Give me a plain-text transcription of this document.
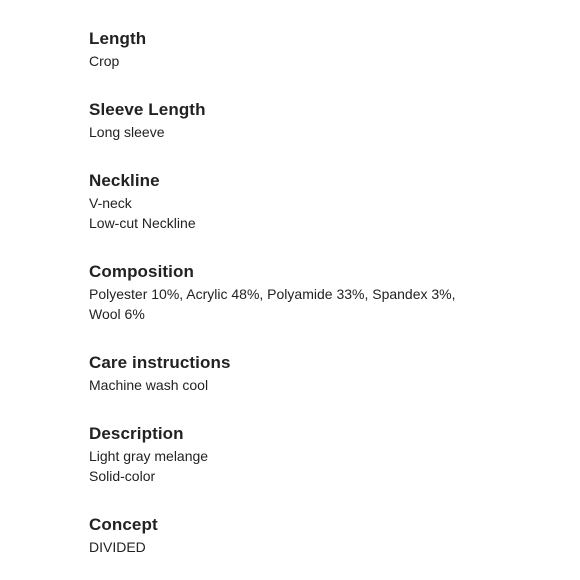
Length
Crop
Sleeve Length
Long sleeve
Neckline
V-neck
Low-cut Neckline
Composition
Polyester 10%, Acrylic 48%, Polyamide 33%, Spandex 3%,
Wool 6%
Care instructions
Machine wash cool
Description
Light gray melange
Solid-color
Concept
DIVIDED
